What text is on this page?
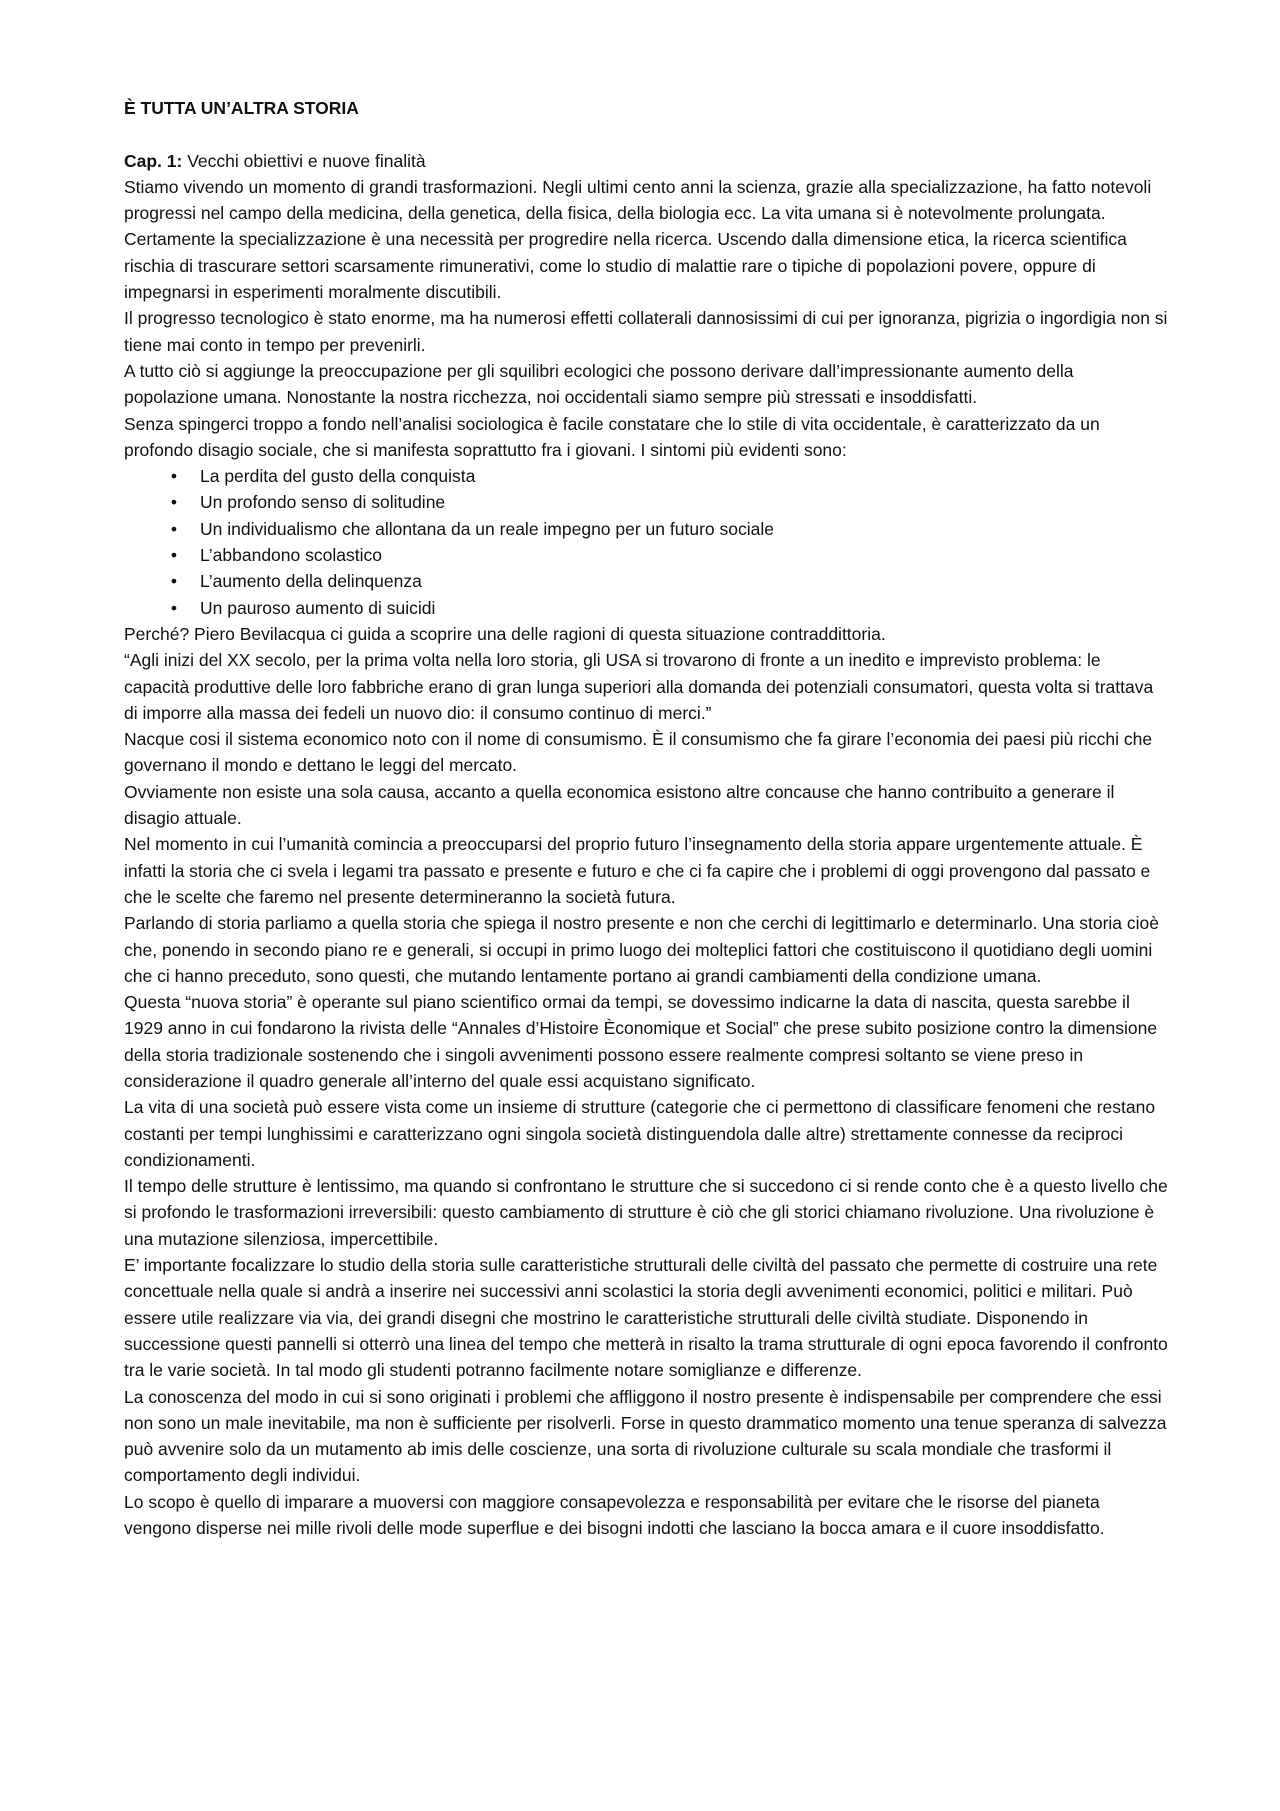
È TUTTA UN’ALTRA STORIA

Cap. 1: Vecchi obiettivi e nuove finalità

Stiamo vivendo un momento di grandi trasformazioni. Negli ultimi cento anni la scienza, grazie alla specializzazione, ha fatto notevoli progressi nel campo della medicina, della genetica, della fisica, della biologia ecc. La vita umana si è notevolmente prolungata. Certamente la specializzazione è una necessità per progredire nella ricerca. Uscendo dalla dimensione etica, la ricerca scientifica rischia di trascurare settori scarsamente rimunerativi, come lo studio di malattie rare o tipiche di popolazioni povere, oppure di impegnarsi in esperimenti moralmente discutibili.

Il progresso tecnologico è stato enorme, ma ha numerosi effetti collaterali dannosissimi di cui per ignoranza, pigrizia o ingordigia non si tiene mai conto in tempo per prevenirli.

A tutto ciò si aggiunge la preoccupazione per gli squilibri ecologici che possono derivare dall’impressionante aumento della popolazione umana. Nonostante la nostra ricchezza, noi occidentali siamo sempre più stressati e insoddisfatti.

Senza spingerci troppo a fondo nell’analisi sociologica è facile constatare che lo stile di vita occidentale, è caratterizzato da un profondo disagio sociale, che si manifesta soprattutto fra i giovani. I sintomi più evidenti sono:

• La perdita del gusto della conquista
• Un profondo senso di solitudine
• Un individualismo che allontana da un reale impegno per un futuro sociale
• L’abbandono scolastico
• L’aumento della delinquenza
• Un pauroso aumento di suicidi

Perché? Piero Bevilacqua ci guida a scoprire una delle ragioni di questa situazione contraddittoria.

“Agli inizi del XX secolo, per la prima volta nella loro storia, gli USA si trovarono di fronte a un inedito e imprevisto problema: le capacità produttive delle loro fabbriche erano di gran lunga superiori alla domanda dei potenziali consumatori, questa volta si trattava di imporre alla massa dei fedeli un nuovo dio: il consumo continuo di merci.”

Nacque cosi il sistema economico noto con il nome di consumismo. È il consumismo che fa girare l’economia dei paesi più ricchi che governano il mondo e dettano le leggi del mercato.

Ovviamente non esiste una sola causa, accanto a quella economica esistono altre concause che hanno contribuito a generare il disagio attuale.

Nel momento in cui l’umanità comincia a preoccuparsi del proprio futuro l’insegnamento della storia appare urgentemente attuale. È infatti la storia che ci svela i legami tra passato e presente e futuro e che ci fa capire che i problemi di oggi provengono dal passato e che le scelte che faremo nel presente determineranno la società futura.

Parlando di storia parliamo a quella storia che spiega il nostro presente e non che cerchi di legittimarlo e determinarlo. Una storia cioè che, ponendo in secondo piano re e generali, si occupi in primo luogo dei molteplici fattori che costituiscono il quotidiano degli uomini che ci hanno preceduto, sono questi, che mutando lentamente portano ai grandi cambiamenti della condizione umana.

Questa “nuova storia” è operante sul piano scientifico ormai da tempi, se dovessimo indicarne la data di nascita, questa sarebbe il 1929 anno in cui fondarono la rivista delle “Annales d’Histoire Èconomique et Social” che prese subito posizione contro la dimensione della storia tradizionale sostenendo che i singoli avvenimenti possono essere realmente compresi soltanto se viene preso in considerazione il quadro generale all’interno del quale essi acquistano significato.

La vita di una società può essere vista come un insieme di strutture (categorie che ci permettono di classificare fenomeni che restano costanti per tempi lunghissimi e caratterizzano ogni singola società distinguendola dalle altre) strettamente connesse da reciproci condizionamenti.

Il tempo delle strutture è lentissimo, ma quando si confrontano le strutture che si succedono ci si rende conto che è a questo livello che si profondo le trasformazioni irreversibili: questo cambiamento di strutture è ciò che gli storici chiamano rivoluzione. Una rivoluzione è una mutazione silenziosa, impercettibile.

E’ importante focalizzare lo studio della storia sulle caratteristiche strutturali delle civiltà del passato che permette di costruire una rete concettuale nella quale si andrà a inserire nei successivi anni scolastici la storia degli avvenimenti economici, politici e militari. Può essere utile realizzare via via, dei grandi disegni che mostrino le caratteristiche strutturali delle civiltà studiate. Disponendo in successione questi pannelli si otterrò una linea del tempo che metterà in risalto la trama strutturale di ogni epoca favorendo il confronto tra le varie società. In tal modo gli studenti potranno facilmente notare somiglianze e differenze.

La conoscenza del modo in cui si sono originati i problemi che affliggono il nostro presente è indispensabile per comprendere che essi non sono un male inevitabile, ma non è sufficiente per risolverli. Forse in questo drammatico momento una tenue speranza di salvezza può avvenire solo da un mutamento ab imis delle coscienze, una sorta di rivoluzione culturale su scala mondiale che trasformi il comportamento degli individui.

Lo scopo è quello di imparare a muoversi con maggiore consapevolezza e responsabilità per evitare che le risorse del pianeta vengono disperse nei mille rivoli delle mode superflue e dei bisogni indotti che lasciano la bocca amara e il cuore insoddisfatto.
